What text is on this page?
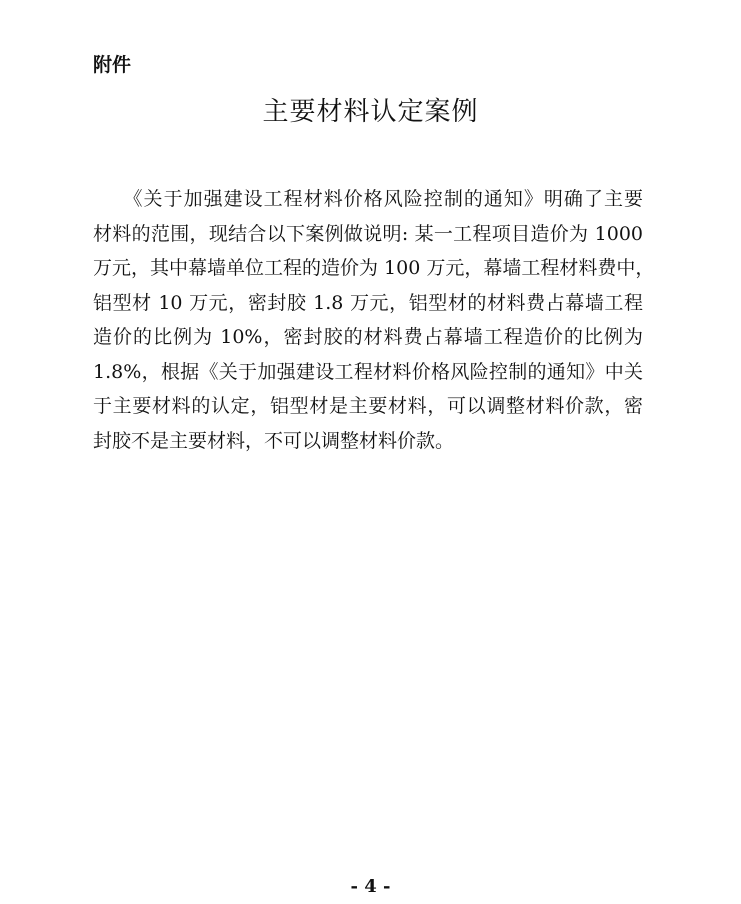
附件

主要材料认定案例
　　《关于加强建设工程材料价格风险控制的通知》明确了主要
材料的范围，现结合以下案例做说明: 某一工程项目造价为 1000
万元，其中幕墙单位工程的造价为 100 万元，幕墙工程材料费中，
铝型材 10 万元，密封胶 1.8 万元，铝型材的材料费占幕墙工程
造价的比例为 10%，密封胶的材料费占幕墙工程造价的比例为
1.8%，根据《关于加强建设工程材料价格风险控制的通知》中关
于主要材料的认定，铝型材是主要材料，可以调整材料价款，密
封胶不是主要材料，不可以调整材料价款。

- 4 -
